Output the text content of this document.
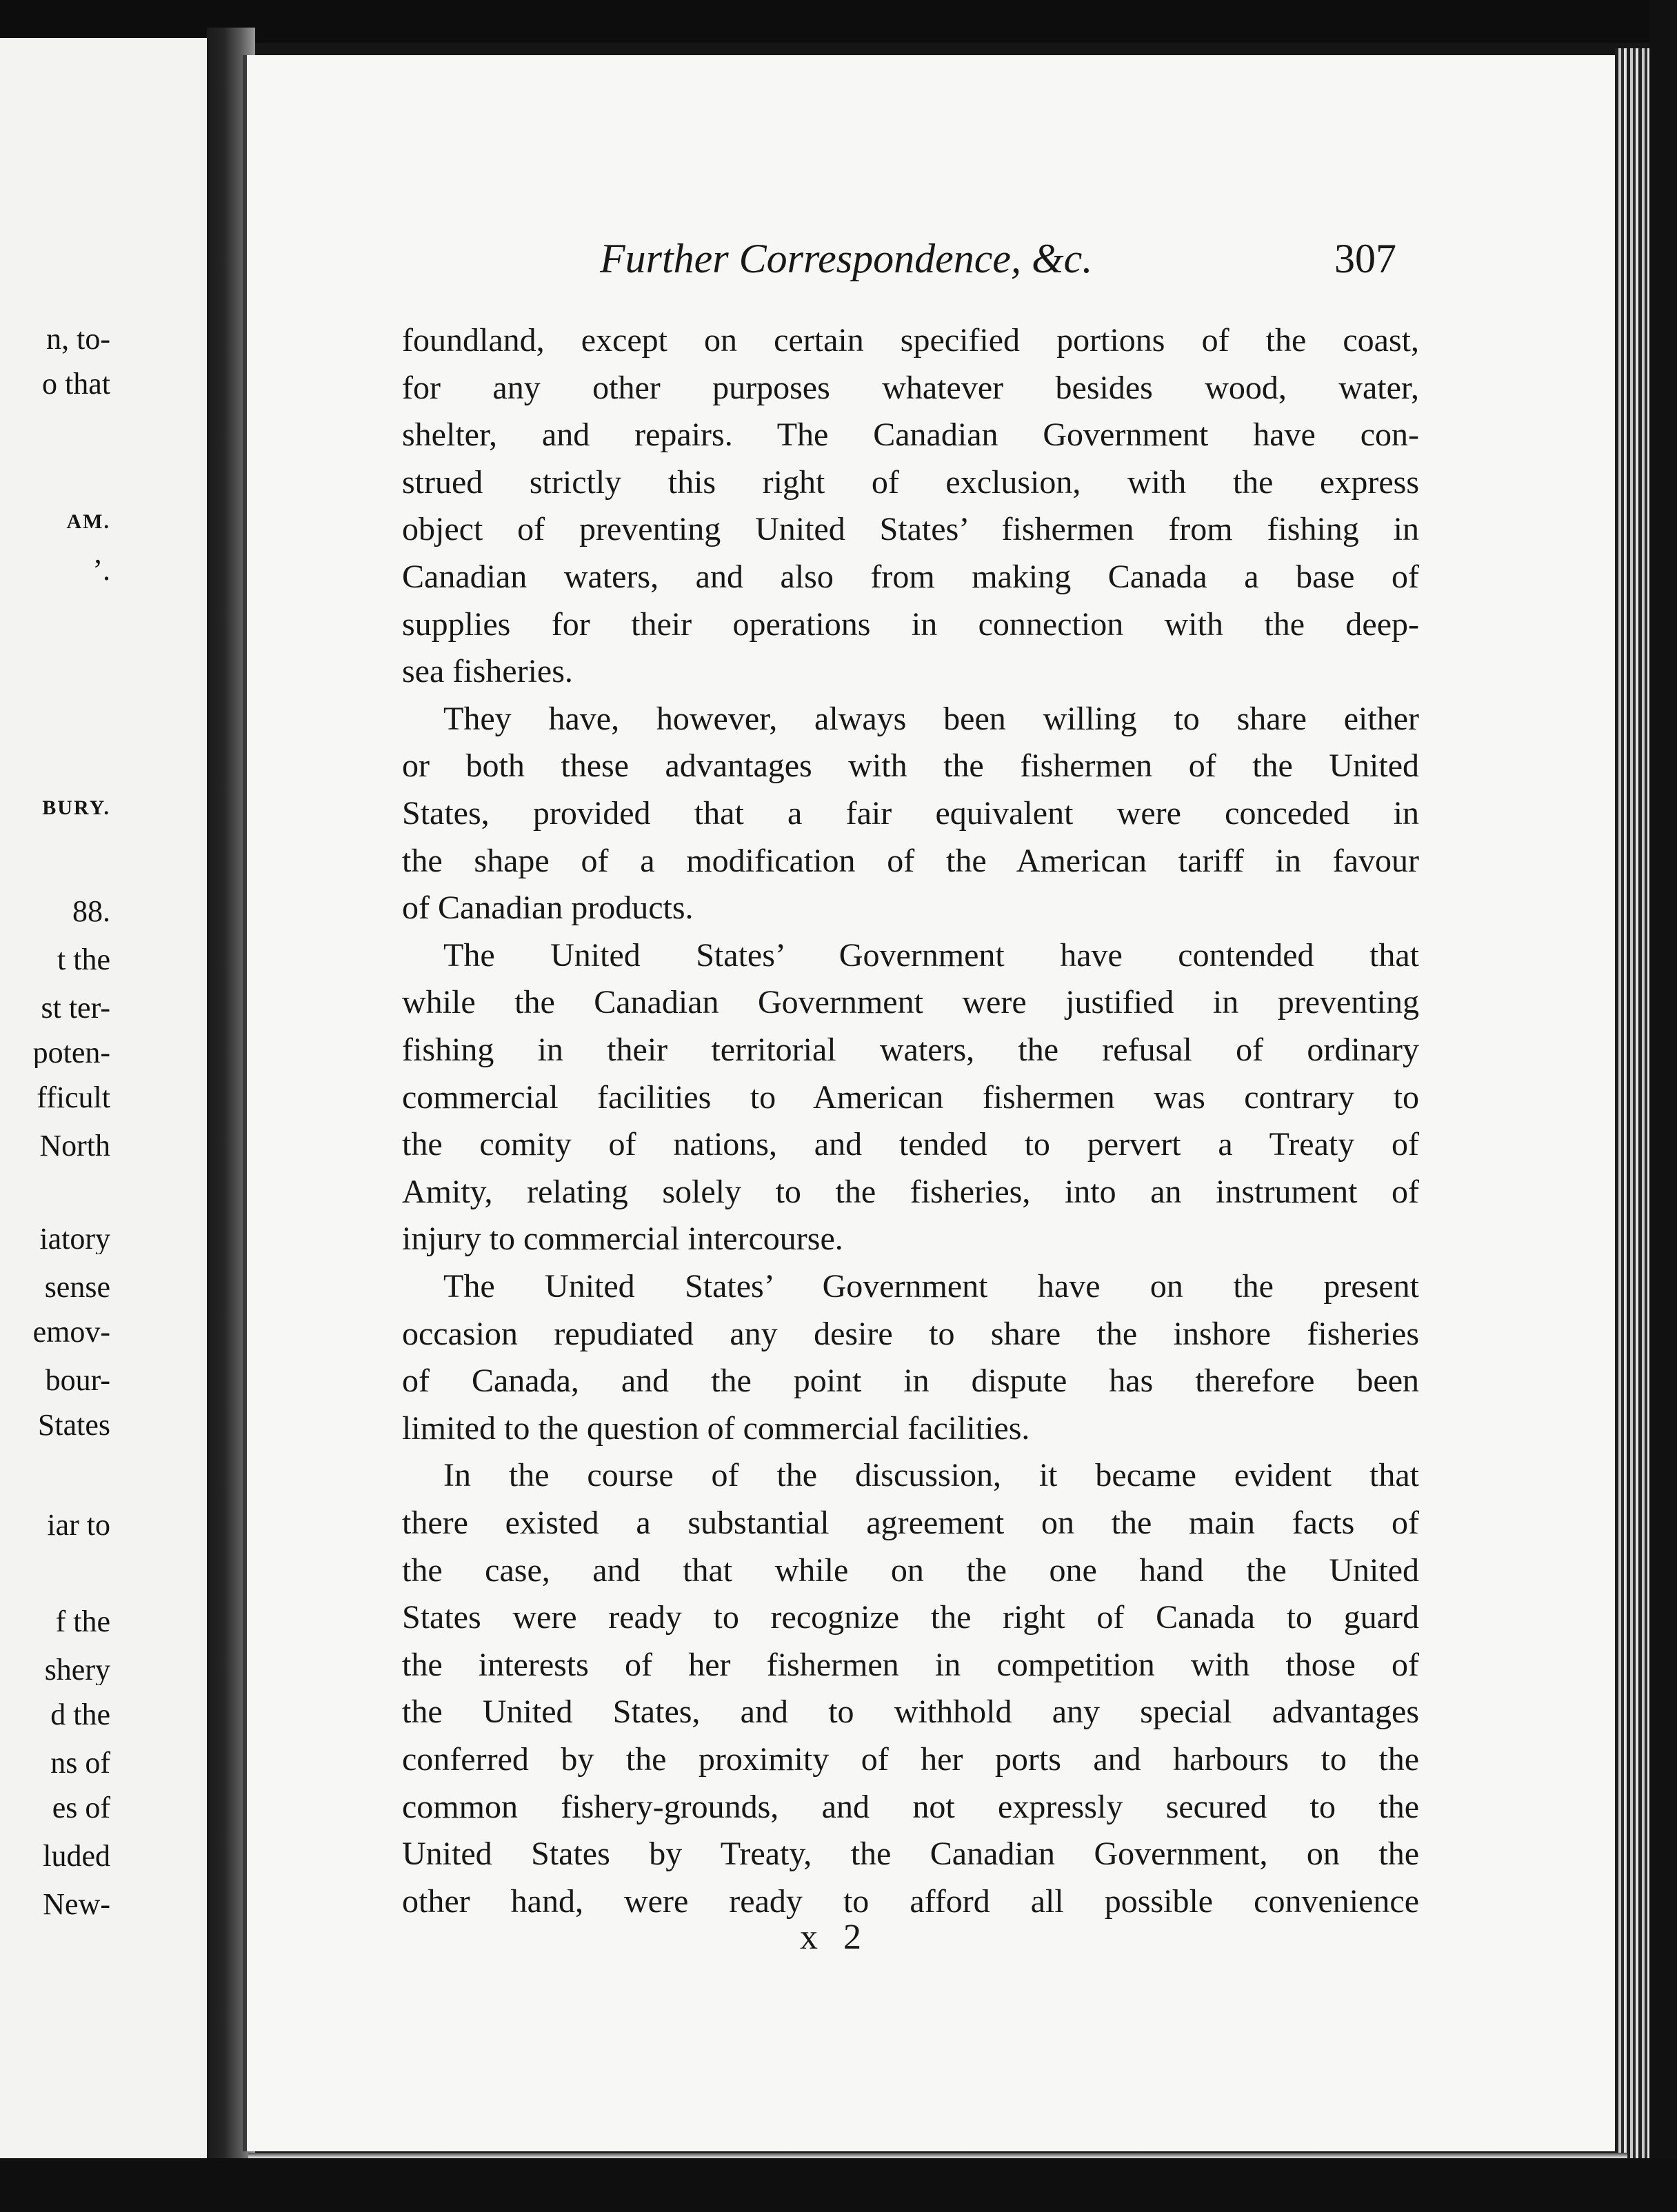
n, to-
o that
AM.
’.
BURY.
88.
t the
st ter-
poten-
fficult
North
iatory
sense
emov-
bour-
States
iar to
f the
shery
d the
ns of
es of
luded
New-
Further Correspondence, &c.	307
foundland, except on certain specified portions of the coast,
for any other purposes whatever besides wood, water,
shelter, and repairs. The Canadian Government have con-
strued strictly this right of exclusion, with the express
object of preventing United States’ fishermen from fishing in
Canadian waters, and also from making Canada a base of
supplies for their operations in connection with the deep-
sea fisheries.
They have, however, always been willing to share either
or both these advantages with the fishermen of the United
States, provided that a fair equivalent were conceded in
the shape of a modification of the American tariff in favour
of Canadian products.
The United States’ Government have contended that
while the Canadian Government were justified in preventing
fishing in their territorial waters, the refusal of ordinary
commercial facilities to American fishermen was contrary to
the comity of nations, and tended to pervert a Treaty of
Amity, relating solely to the fisheries, into an instrument of
injury to commercial intercourse.
The United States’ Government have on the present
occasion repudiated any desire to share the inshore fisheries
of Canada, and the point in dispute has therefore been
limited to the question of commercial facilities.
In the course of the discussion, it became evident that
there existed a substantial agreement on the main facts of
the case, and that while on the one hand the United
States were ready to recognize the right of Canada to guard
the interests of her fishermen in competition with those of
the United States, and to withhold any special advantages
conferred by the proximity of her ports and harbours to the
common fishery-grounds, and not expressly secured to the
United States by Treaty, the Canadian Government, on the
other hand, were ready to afford all possible convenience
x 2
